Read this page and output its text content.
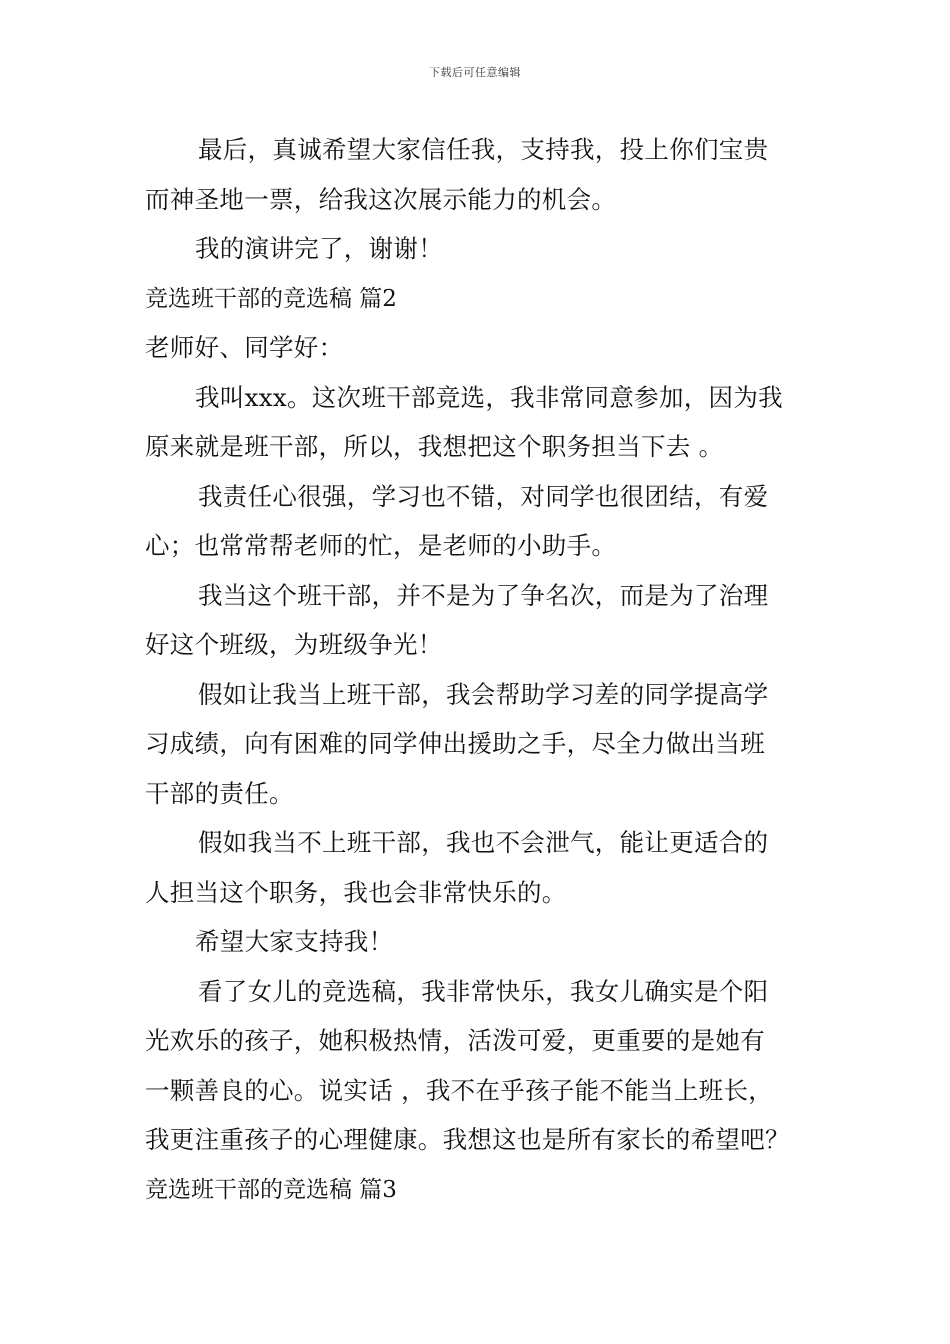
下载后可任意编辑
最后，真诚希望大家信任我，支持我，投上你们宝贵
而神圣地一票，给我这次展示能力的机会。
我的演讲完了，谢谢！
竞选班干部的竞选稿 篇2
老师好、同学好：
我叫xxx。这次班干部竞选，我非常同意参加，因为我
原来就是班干部，所以，我想把这个职务担当下去 。
我责任心很强，学习也不错，对同学也很团结，有爱
心；也常常帮老师的忙，是老师的小助手。
我当这个班干部，并不是为了争名次，而是为了治理
好这个班级，为班级争光！
假如让我当上班干部，我会帮助学习差的同学提高学
习成绩，向有困难的同学伸出援助之手，尽全力做出当班
干部的责任。
假如我当不上班干部，我也不会泄气，能让更适合的
人担当这个职务，我也会非常快乐的。
希望大家支持我！
看了女儿的竞选稿，我非常快乐，我女儿确实是个阳
光欢乐的孩子，她积极热情，活泼可爱，更重要的是她有
一颗善良的心。说实话 ，我不在乎孩子能不能当上班长，
我更注重孩子的心理健康。我想这也是所有家长的希望吧？
竞选班干部的竞选稿 篇3
